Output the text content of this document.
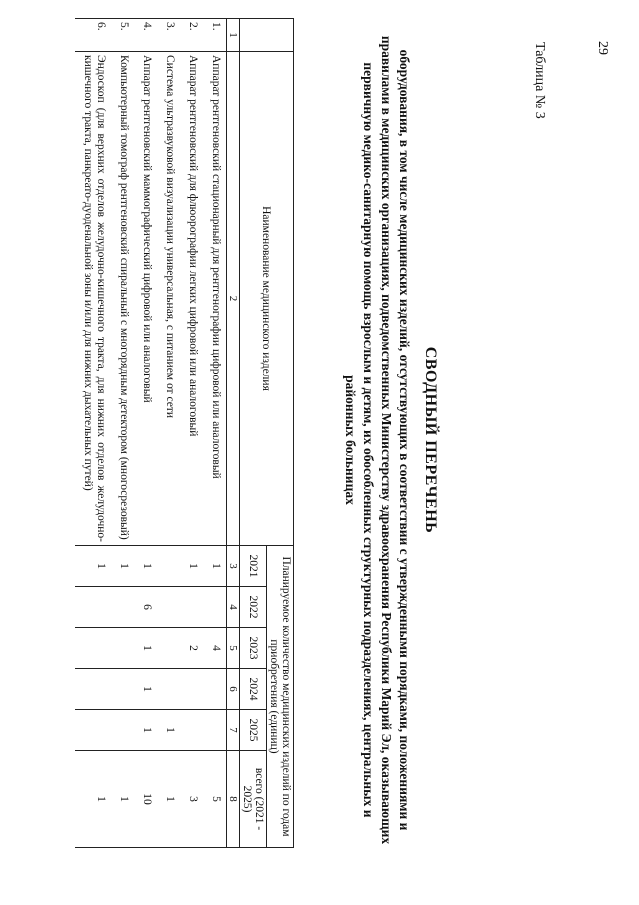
29
Таблица № 3
СВОДНЫЙ ПЕРЕЧЕНЬ
оборудования, в том числе медицинских изделий, отсутствующих в соответствии с утвержденными порядками, положениями и правилами в медицинских организациях, подведомственных Министерству здравоохранения Республики Марий Эл, оказывающих первичную медико-санитарную помощь взрослым и детям, их обособленных структурных подразделениях, центральных и районных больницах
	Наименование медицинского изделия	Планируемое количество медицинских изделий по годам приобретения (единиц)					
		2021	2022	2023	2024	2025	всего (2021 - 2025)
1	2	3	4	5	6	7	8
1.	Аппарат рентгеновский стационарный для рентгенографии цифровой или аналоговый	1		4			5
2.	Аппарат рентгеновский для флюорографии легких цифровой или аналоговый	1		2			3
3.	Система ультразвуковой визуализации универсальная, с питанием от сети					1	1
4.	Аппарат рентгеновский маммографический цифровой или аналоговый	1	6	1	1	1	10
5.	Компьютерный томограф рентгеновский спиральный с многорядным детектором (многосрезовый)	1					1
6.	Эндоскоп (для верхних отделов желудочно-кишечного тракта, для нижних отделов желудочно-кишечного тракта, панкреато-дуоденальной зоны и/или для нижних дыхательных путей)	1					1
